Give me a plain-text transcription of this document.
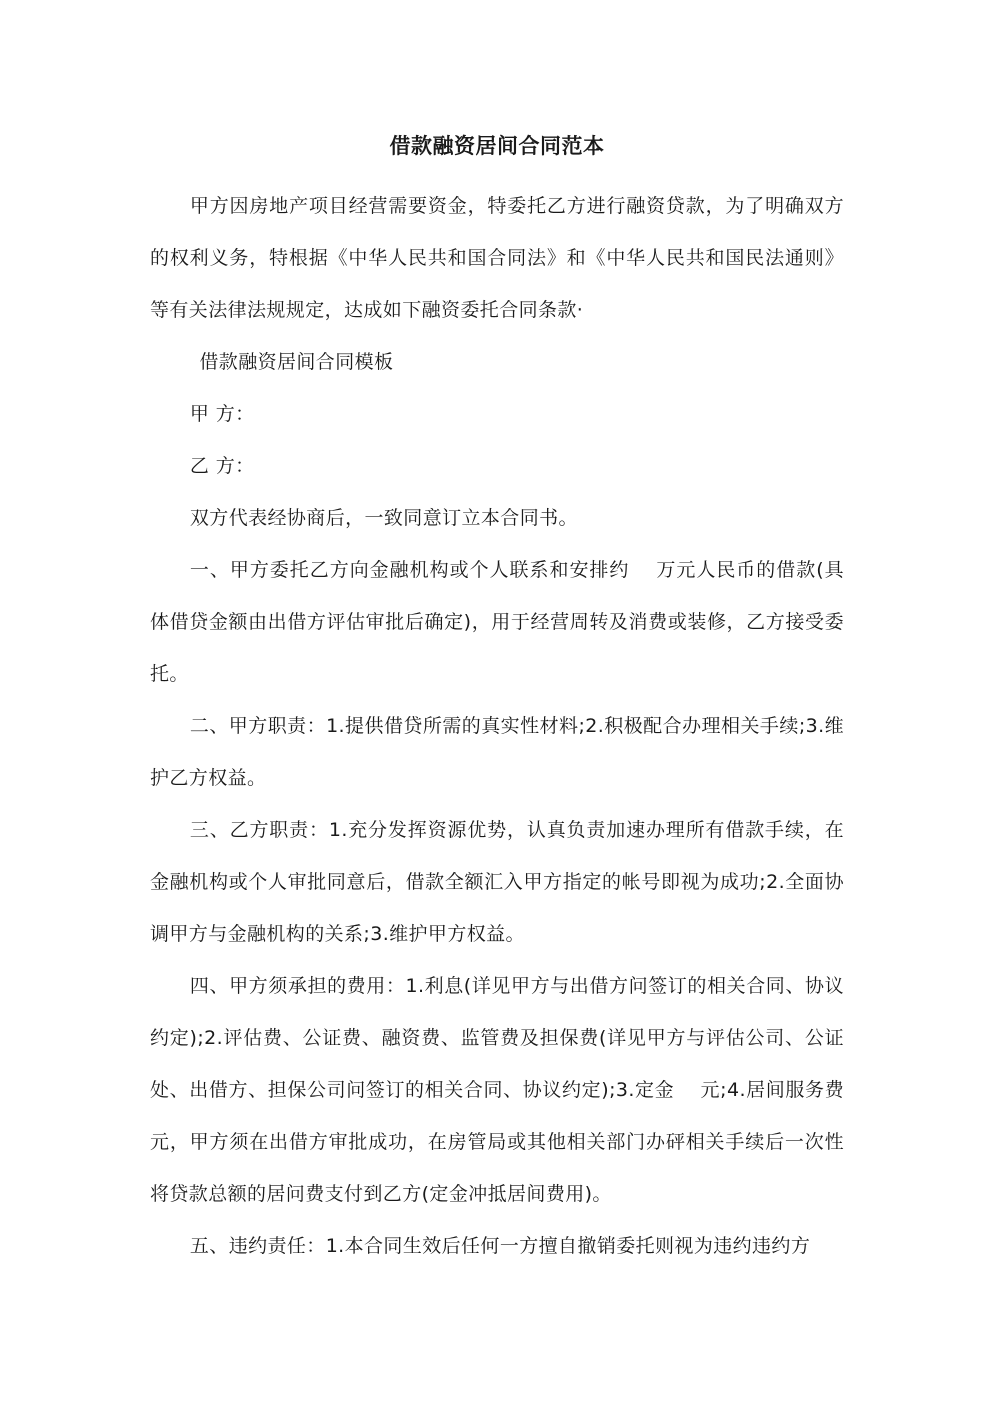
借款融资居间合同范本

甲方因房地产项目经营需要资金，特委托乙方进行融资贷款，为了明确双方的权利义务，特根据《中华人民共和国合同法》和《中华人民共和国民法通则》等有关法律法规规定，达成如下融资委托合同条款·

借款融资居间合同模板

甲 方：

乙 方：

双方代表经协商后，一致同意订立本合同书。

一、甲方委托乙方向金融机构或个人联系和安排约 　万元人民币的借款(具体借贷金额由出借方评估审批后确定)，用于经营周转及消费或装修，乙方接受委托。

二、甲方职责：1.提供借贷所需的真实性材料;2.积极配合办理相关手续;3.维护乙方权益。

三、乙方职责：1.充分发挥资源优势，认真负责加速办理所有借款手续，在金融机构或个人审批同意后，借款全额汇入甲方指定的帐号即视为成功;2.全面协调甲方与金融机构的关系;3.维护甲方权益。

四、甲方须承担的费用：1.利息(详见甲方与出借方问签订的相关合同、协议约定);2.评估费、公证费、融资费、监管费及担保费(详见甲方与评估公司、公证处、出借方、担保公司问签订的相关合同、协议约定);3.定金 　元;4.居间服务费 元，甲方须在出借方审批成功，在房管局或其他相关部门办砰相关手续后一次性将贷款总额的居问费支付到乙方(定金冲抵居间费用)。

五、违约责任：1.本合同生效后任何一方擅自撤销委托则视为违约违约方
